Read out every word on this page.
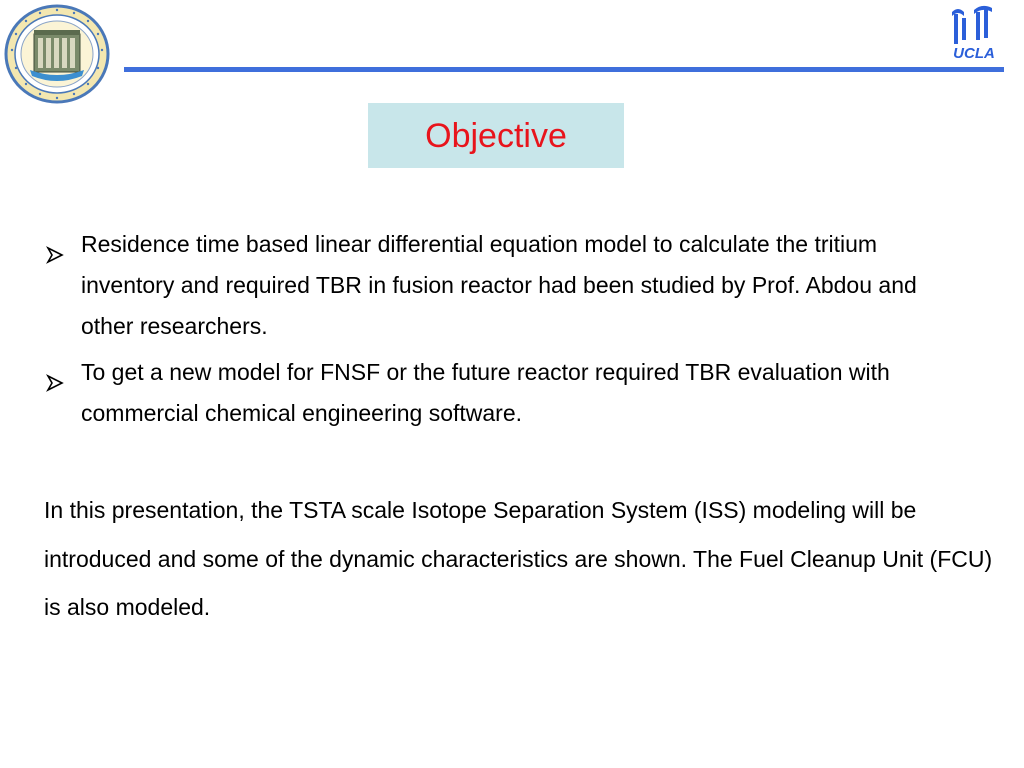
UCLA
Objective
Residence time based linear differential equation model to calculate the tritium inventory and required TBR in fusion reactor had been studied by Prof. Abdou and other researchers.
To get a new model for FNSF or the future reactor required TBR evaluation with commercial chemical engineering software.

In this presentation, the TSTA scale Isotope Separation System (ISS) modeling will be introduced and some of the dynamic characteristics are shown. The Fuel Cleanup Unit (FCU) is also modeled.
